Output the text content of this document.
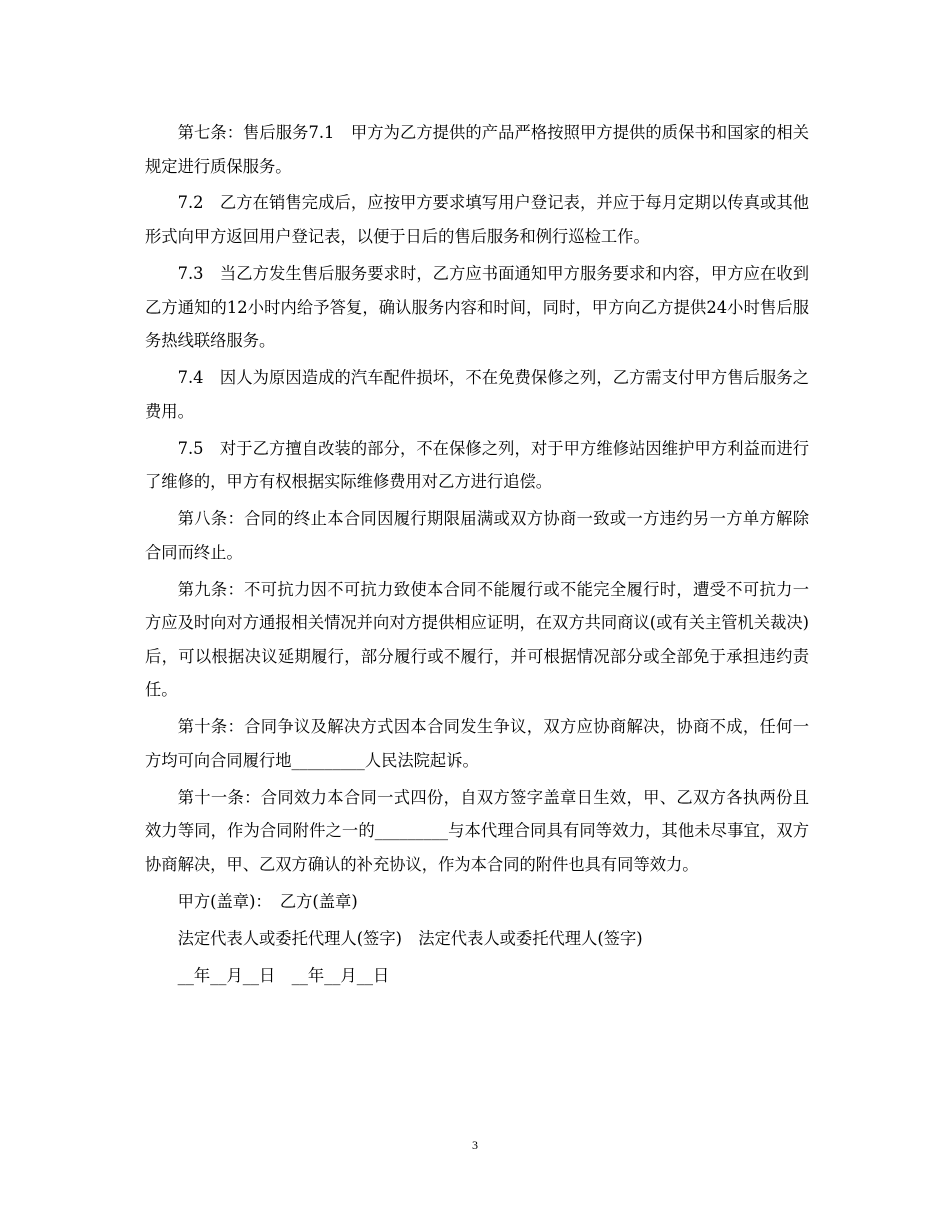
第七条：售后服务7.1　甲方为乙方提供的产品严格按照甲方提供的质保书和国家的相关规定进行质保服务。

7.2　乙方在销售完成后，应按甲方要求填写用户登记表，并应于每月定期以传真或其他形式向甲方返回用户登记表，以便于日后的售后服务和例行巡检工作。

7.3　当乙方发生售后服务要求时，乙方应书面通知甲方服务要求和内容，甲方应在收到乙方通知的12小时内给予答复，确认服务内容和时间，同时，甲方向乙方提供24小时售后服务热线联络服务。

7.4　因人为原因造成的汽车配件损坏，不在免费保修之列，乙方需支付甲方售后服务之费用。

7.5　对于乙方擅自改装的部分，不在保修之列，对于甲方维修站因维护甲方利益而进行了维修的，甲方有权根据实际维修费用对乙方进行追偿。

第八条：合同的终止本合同因履行期限届满或双方协商一致或一方违约另一方单方解除合同而终止。

第九条：不可抗力因不可抗力致使本合同不能履行或不能完全履行时，遭受不可抗力一方应及时向对方通报相关情况并向对方提供相应证明，在双方共同商议(或有关主管机关裁决)后，可以根据决议延期履行，部分履行或不履行，并可根据情况部分或全部免于承担违约责任。

第十条：合同争议及解决方式因本合同发生争议，双方应协商解决，协商不成，任何一方均可向合同履行地_________人民法院起诉。

第十一条：合同效力本合同一式四份，自双方签字盖章日生效，甲、乙双方各执两份且效力等同，作为合同附件之一的_________与本代理合同具有同等效力，其他未尽事宜，双方协商解决，甲、乙双方确认的补充协议，作为本合同的附件也具有同等效力。

甲方(盖章)：　乙方(盖章)

法定代表人或委托代理人(签字)　法定代表人或委托代理人(签字)

__年__月__日　__年__月__日

3
